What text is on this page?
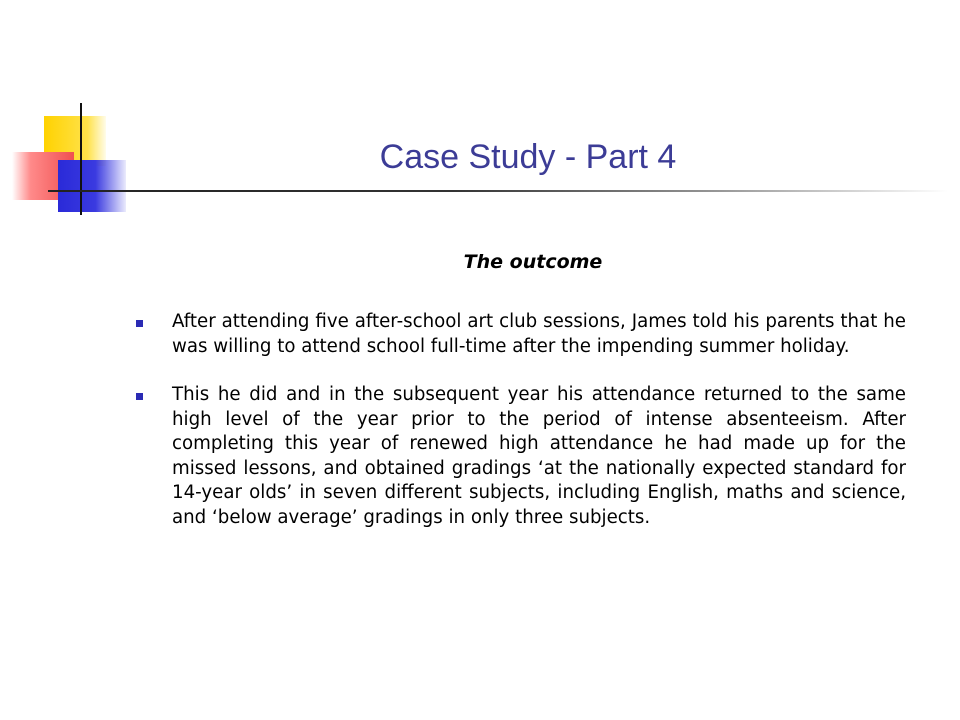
Case Study - Part 4
The outcome
After attending five after-school art club sessions, James told his parents that he was willing to attend school full-time after the impending summer holiday.
This he did and in the subsequent year his attendance returned to the same high level of the year prior to the period of intense absenteeism. After completing this year of renewed high attendance he had made up for the missed lessons, and obtained gradings ‘at the nationally expected standard for 14-year olds’ in seven different subjects, including English, maths and science, and ‘below average’ gradings in only three subjects.
